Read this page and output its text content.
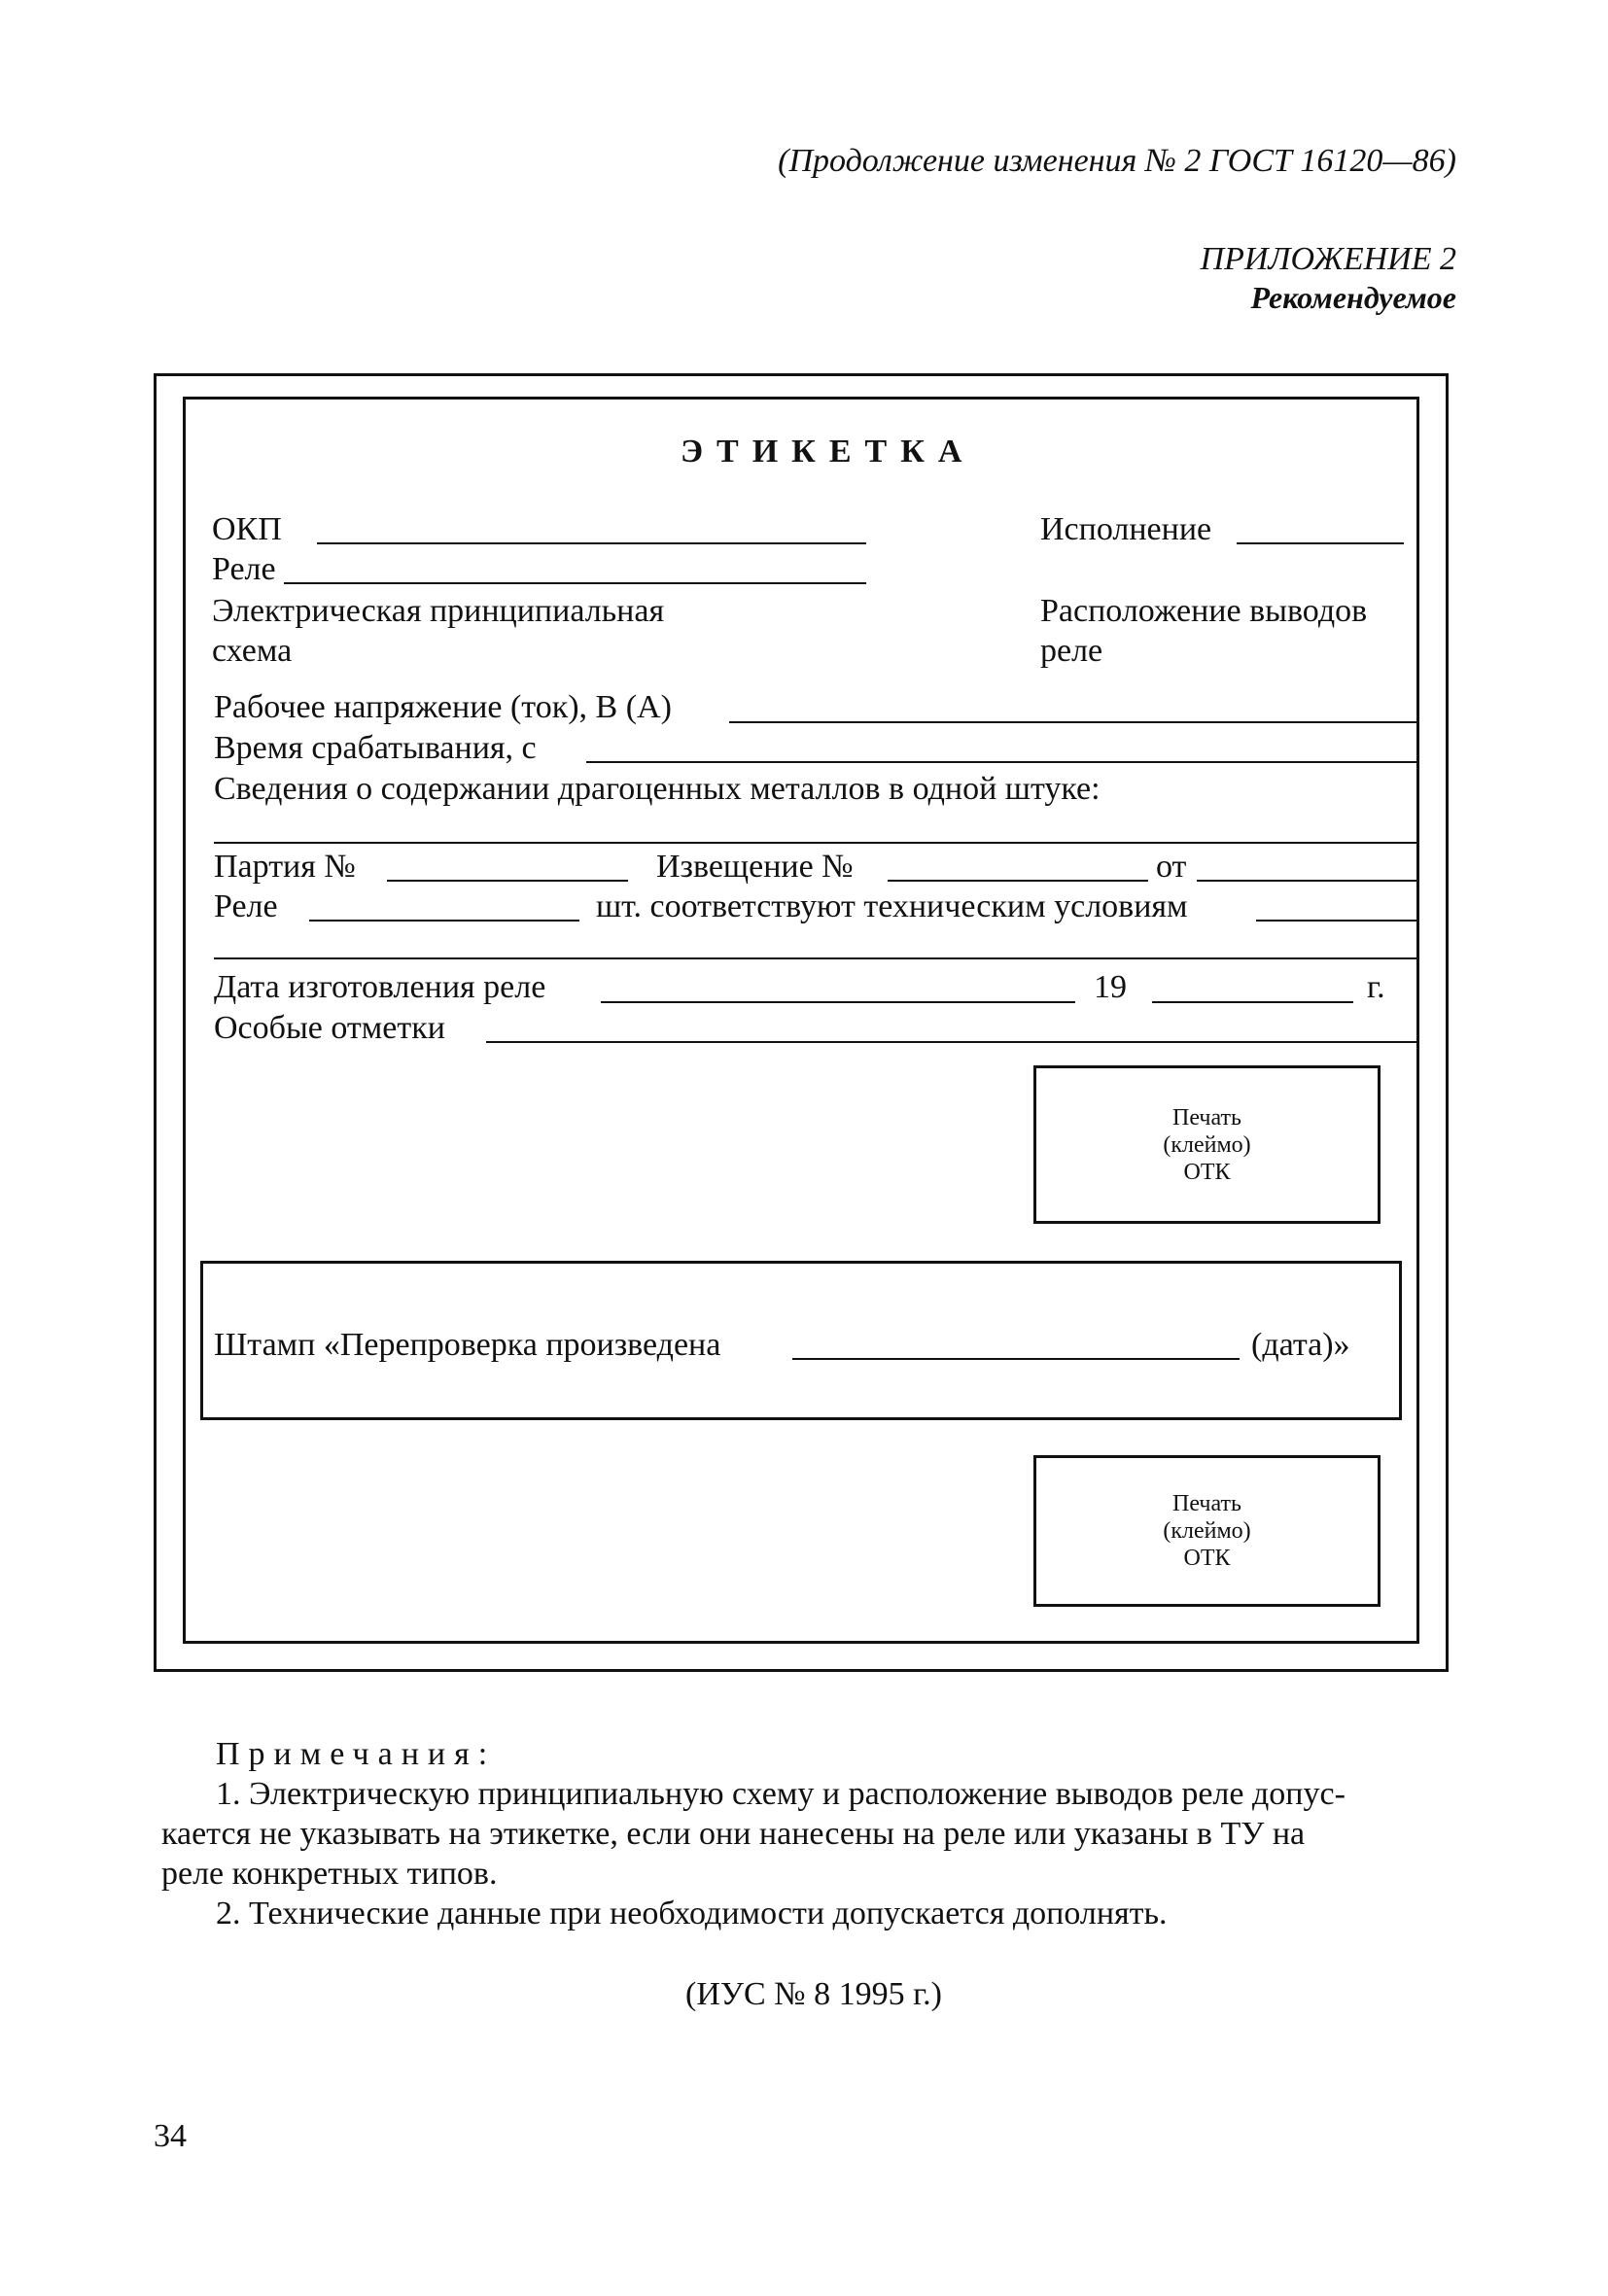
(Продолжение изменения № 2 ГОСТ 16120—86)
ПРИЛОЖЕНИЕ 2
Рекомендуемое
ЭТИКЕТКА
ОКП	Исполнение
Реле
Электрическая принципиальная
схема
Расположение выводов
реле
Рабочее напряжение (ток), В (А)
Время срабатывания, с
Сведения о содержании драгоценных металлов в одной штуке:
Партия №	Извещение №	от
Реле	шт. соответствуют техническим условиям
Дата изготовления реле	19	г.
Особые отметки
Печать
(клеймо)
ОТК
Штамп «Перепроверка произведена	(дата)»
Печать
(клеймо)
ОТК
Примечания:
1. Электрическую принципиальную схему и расположение выводов реле допус-
кается не указывать на этикетке, если они нанесены на реле или указаны в ТУ на
реле конкретных типов.
2. Технические данные при необходимости допускается дополнять.
(ИУС № 8 1995 г.)
34
